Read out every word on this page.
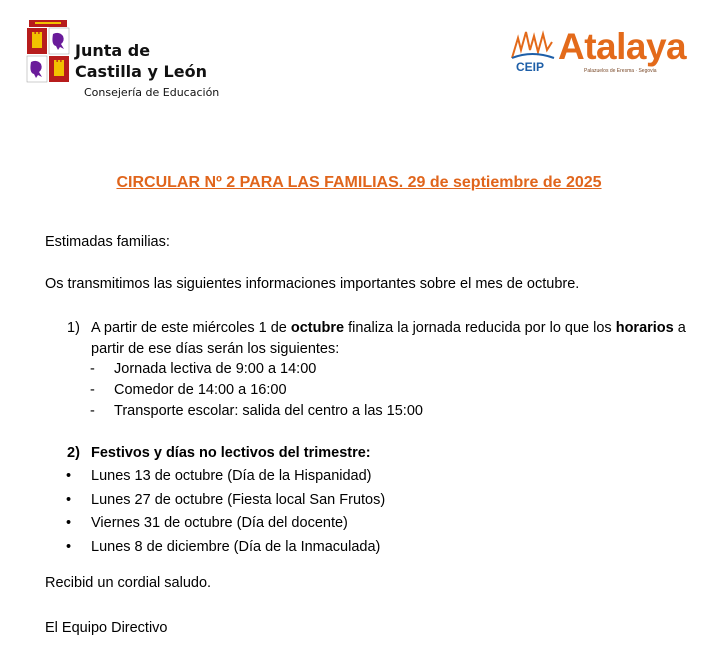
Junta de
Castilla y León
Consejería de Educación
CEIP Atalaya
Palazuelos de Eresma · Segovia
CIRCULAR Nº 2 PARA LAS FAMILIAS. 29 de septiembre de 2025
Estimadas familias:
Os transmitimos las siguientes informaciones importantes sobre el mes de octubre.
1) A partir de este miércoles 1 de octubre finaliza la jornada reducida por lo que los horarios a partir de ese días serán los siguientes:
- Jornada lectiva de 9:00 a 14:00
- Comedor de 14:00 a 16:00
- Transporte escolar: salida del centro a las 15:00
2) Festivos y días no lectivos del trimestre:
• Lunes 13 de octubre (Día de la Hispanidad)
• Lunes 27 de octubre (Fiesta local San Frutos)
• Viernes 31 de octubre (Día del docente)
• Lunes 8 de diciembre (Día de la Inmaculada)
Recibid un cordial saludo.
El Equipo Directivo
